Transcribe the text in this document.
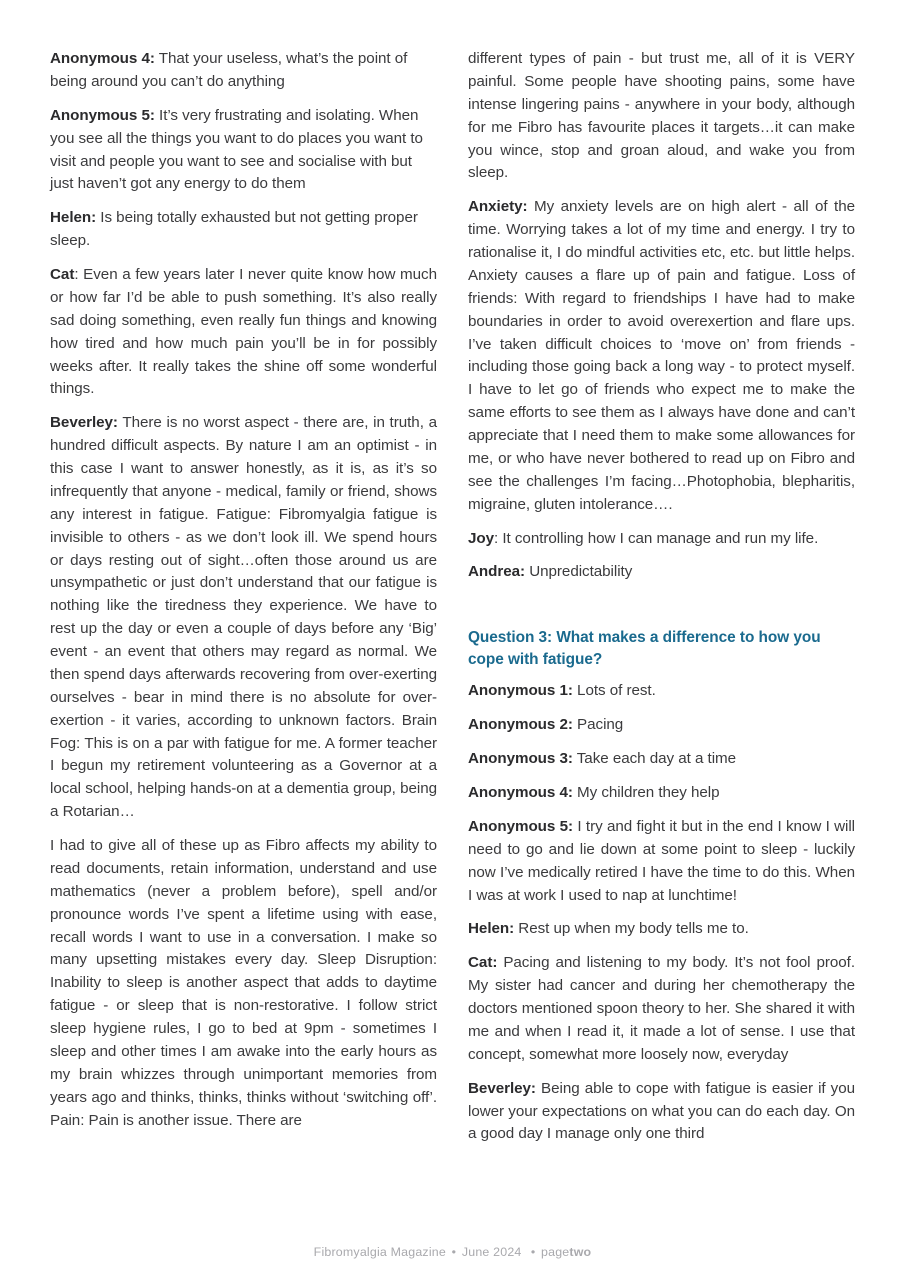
Anonymous 4: That your useless, what’s the point of being around you can’t do anything

Anonymous 5: It’s very frustrating and isolating. When you see all the things you want to do places you want to visit and people you want to see and socialise with but just haven’t got any energy to do them

Helen: Is being totally exhausted but not getting proper sleep.

Cat: Even a few years later I never quite know how much or how far I’d be able to push something. It’s also really sad doing something, even really fun things and knowing how tired and how much pain you’ll be in for possibly weeks after. It really takes the shine off some wonderful things.

Beverley: There is no worst aspect - there are, in truth, a hundred difficult aspects. By nature I am an optimist - in this case I want to answer honestly, as it is, as it’s so infrequently that anyone - medical, family or friend, shows any interest in fatigue. Fatigue: Fibromyalgia fatigue is invisible to others - as we don’t look ill. We spend hours or days resting out of sight…often those around us are unsympathetic or just don’t understand that our fatigue is nothing like the tiredness they experience. We have to rest up the day or even a couple of days before any ‘Big’ event - an event that others may regard as normal. We then spend days afterwards recovering from over-exerting ourselves - bear in mind there is no absolute for over-exertion - it varies, according to unknown factors. Brain Fog: This is on a par with fatigue for me. A former teacher I begun my retirement volunteering as a Governor at a local school, helping hands-on at a dementia group, being a Rotarian…

I had to give all of these up as Fibro affects my ability to read documents, retain information, understand and use mathematics (never a problem before), spell and/or pronounce words I’ve spent a lifetime using with ease, recall words I want to use in a conversation. I make so many upsetting mistakes every day. Sleep Disruption: Inability to sleep is another aspect that adds to daytime fatigue - or sleep that is non-restorative. I follow strict sleep hygiene rules, I go to bed at 9pm - sometimes I sleep and other times I am awake into the early hours as my brain whizzes through unimportant memories from years ago and thinks, thinks, thinks without ‘switching off’. Pain: Pain is another issue. There are

different types of pain - but trust me, all of it is VERY painful. Some people have shooting pains, some have intense lingering pains - anywhere in your body, although for me Fibro has favourite places it targets…it can make you wince, stop and groan aloud, and wake you from sleep.

Anxiety: My anxiety levels are on high alert - all of the time. Worrying takes a lot of my time and energy. I try to rationalise it, I do mindful activities etc, etc. but little helps. Anxiety causes a flare up of pain and fatigue. Loss of friends: With regard to friendships I have had to make boundaries in order to avoid overexertion and flare ups. I’ve taken difficult choices to ‘move on’ from friends - including those going back a long way - to protect myself. I have to let go of friends who expect me to make the same efforts to see them as I always have done and can’t appreciate that I need them to make some allowances for me, or who have never bothered to read up on Fibro and see the challenges I’m facing…Photophobia, blepharitis, migraine, gluten intolerance….

Joy: It controlling how I can manage and run my life.

Andrea: Unpredictability

Question 3: What makes a difference to how you cope with fatigue?

Anonymous 1: Lots of rest.

Anonymous 2: Pacing

Anonymous 3: Take each day at a time

Anonymous 4: My children they help

Anonymous 5: I try and fight it but in the end I know I will need to go and lie down at some point to sleep - luckily now I’ve medically retired I have the time to do this. When I was at work I used to nap at lunchtime!

Helen: Rest up when my body tells me to.

Cat: Pacing and listening to my body. It’s not fool proof. My sister had cancer and during her chemotherapy the doctors mentioned spoon theory to her. She shared it with me and when I read it, it made a lot of sense. I use that concept, somewhat more loosely now, everyday

Beverley: Being able to cope with fatigue is easier if you lower your expectations on what you can do each day. On a good day I manage only one third

Fibromyalgia Magazine • June 2024 • pagetwo
